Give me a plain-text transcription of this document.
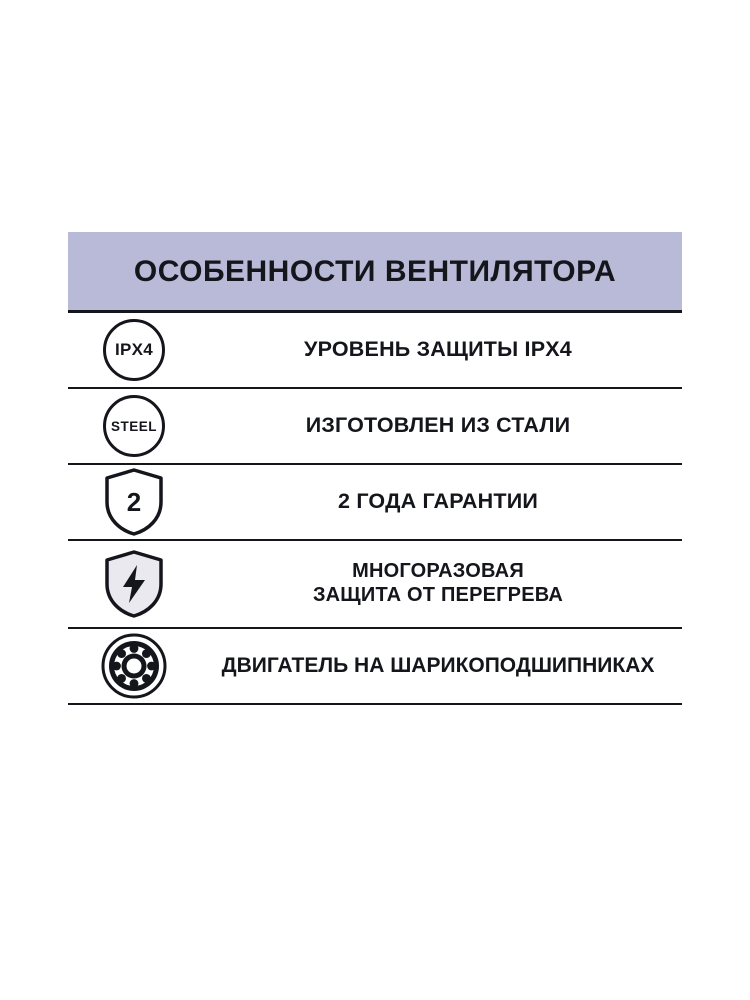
ОСОБЕННОСТИ ВЕНТИЛЯТОРА
IPX4	УРОВЕНЬ ЗАЩИТЫ IPX4
STEEL	ИЗГОТОВЛЕН ИЗ СТАЛИ
2	2 ГОДА ГАРАНТИИ
МНОГОРАЗОВАЯ
ЗАЩИТА ОТ ПЕРЕГРЕВА
ДВИГАТЕЛЬ НА ШАРИКОПОДШИПНИКАХ
